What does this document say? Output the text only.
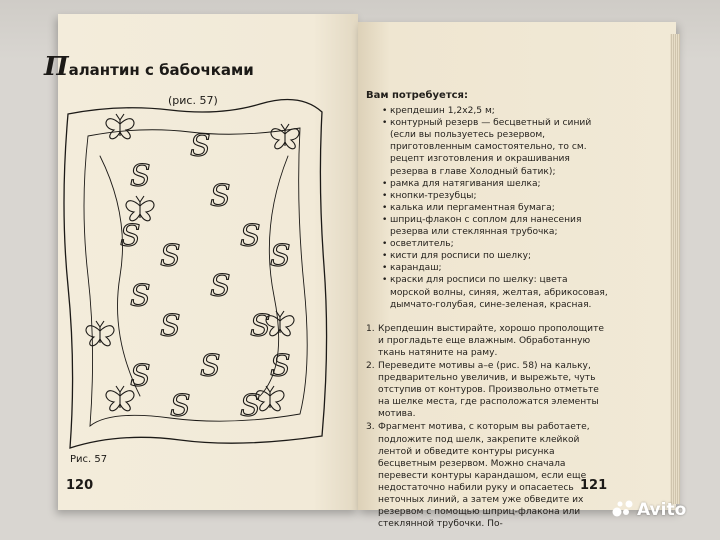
Палантин с бабочками
(рис. 57)
S
S
S
S	S
S	S
S S
S S
S
S	S
S S
Рис. 57
120
Вам потребуется:
• крепдешин 1,2х2,5 м;
• контурный резерв — бесцветный и синий (если вы пользуетесь резервом, приготовленным самостоятельно, то см. рецепт изготовления и окрашивания резерва в главе Холодный батик);
• рамка для натягивания шелка;
• кнопки-трезубцы;
• калька или пергаментная бумага;
• шприц-флакон с соплом для нанесения резерва или стеклянная трубочка;
• осветлитель;
• кисти для росписи по шелку;
• карандаш;
• краски для росписи по шелку: цвета морской волны, синяя, желтая, абрикосовая, дымчато-голубая, сине-зеленая, красная.
1. Крепдешин выстирайте, хорошо прополощите и прогладьте еще влажным. Обработанную ткань натяните на раму.
2. Переведите мотивы а–е (рис. 58) на кальку, предварительно увеличив, и вырежьте, чуть отступив от контуров. Произвольно отметьте на шелке места, где расположатся элементы мотива.
3. Фрагмент мотива, с которым вы работаете, подложите под шелк, закрепите клейкой лентой и обведите контуры рисунка бесцветным резервом. Можно сначала перевести контуры карандашом, если еще недостаточно набили руку и опасаетесь неточных линий, а затем уже обведите их резервом с помощью шприц-флакона или стеклянной трубочки. По-
121
Avito
